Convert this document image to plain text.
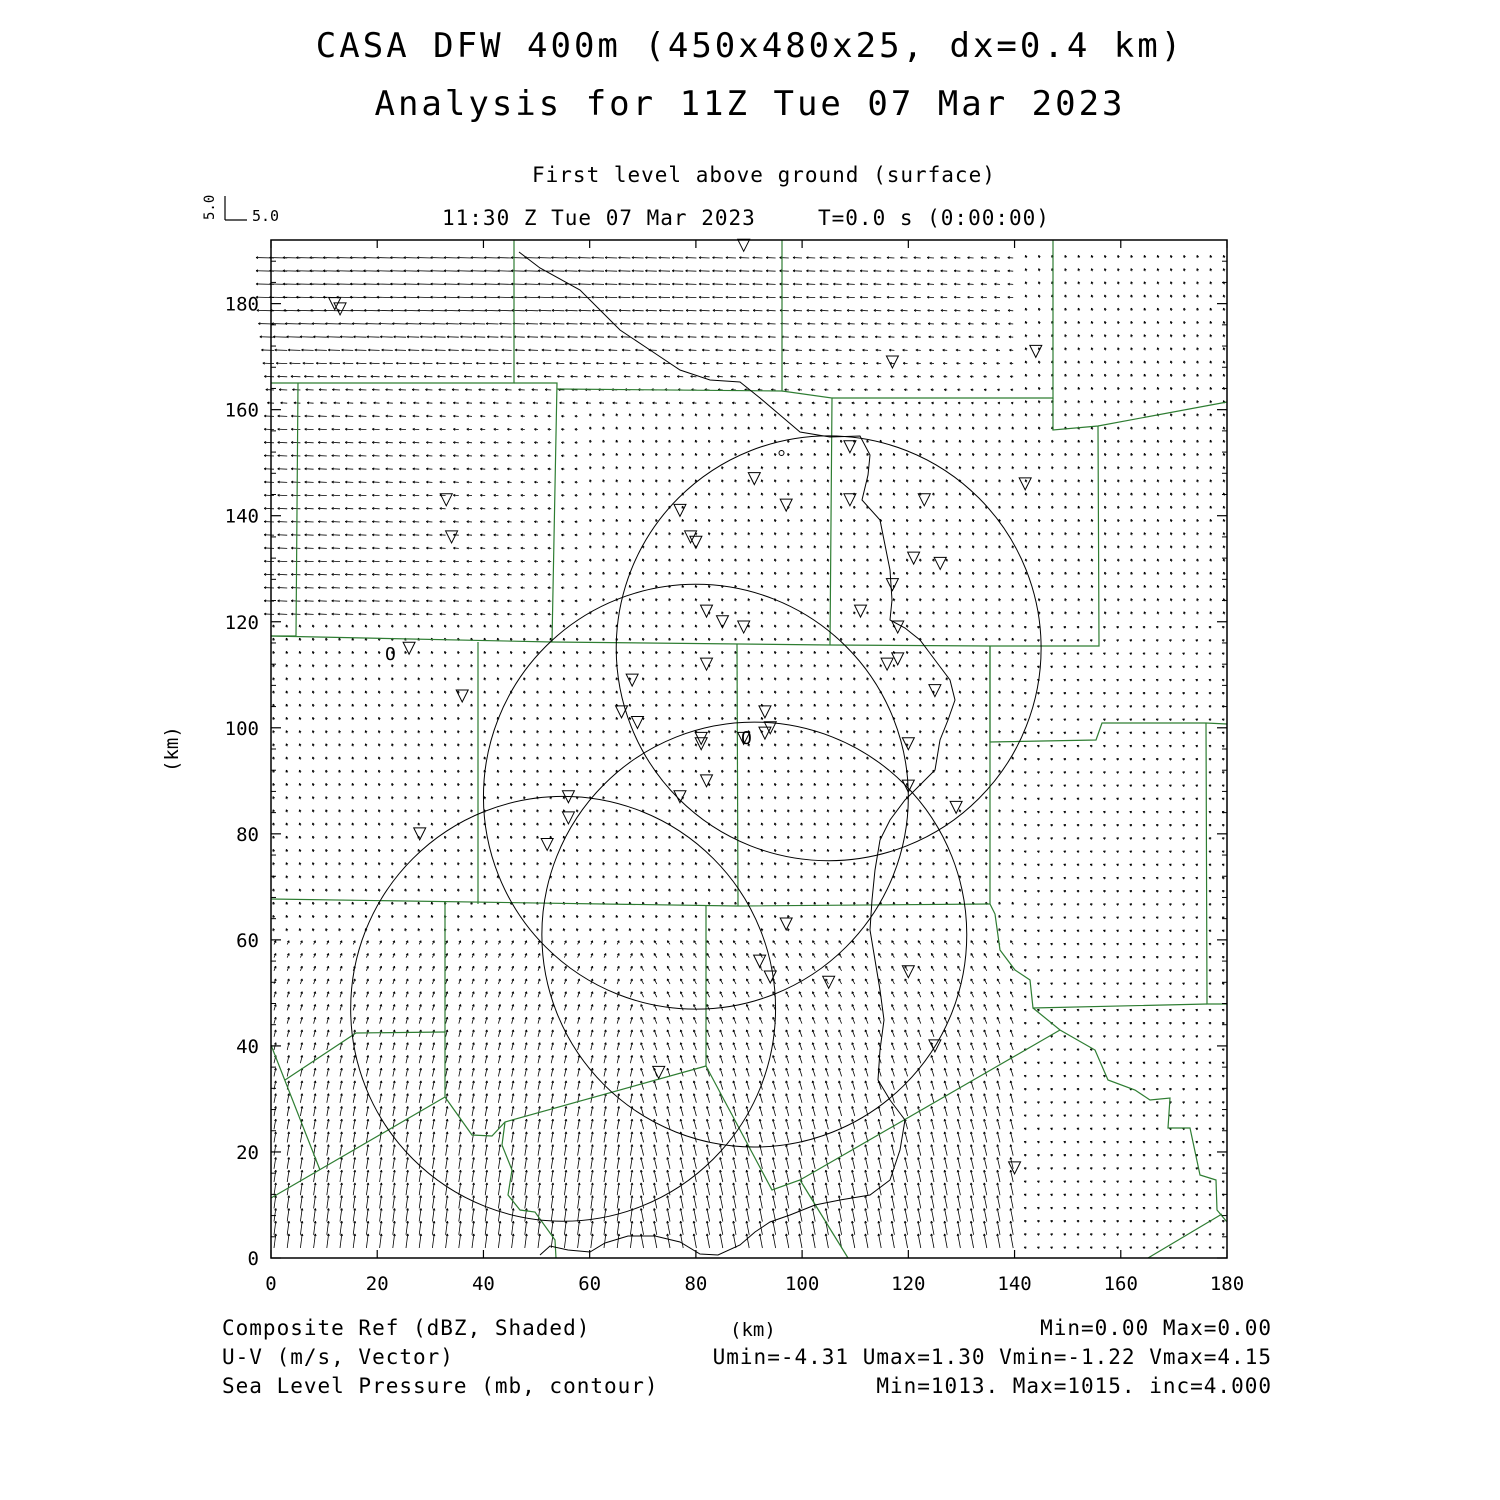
CASA DFW 400m (450x480x25, dx=0.4 km)
Analysis for 11Z Tue 07 Mar 2023
First level above ground (surface)
11:30 Z Tue 07 Mar 2023	T=0.0 s (0:00:00)
5.0 5.0
O
O
0	20	40	60	80	100	120	140	160	180
0
20
40
60
80
100
120
140
160
180
(km)
(km)
Composite Ref (dBZ, Shaded)	Min=0.00 Max=0.00
U-V (m/s, Vector)	Umin=-4.31 Umax=1.30 Vmin=-1.22 Vmax=4.15
Sea Level Pressure (mb, contour)	Min=1013. Max=1015. inc=4.000
